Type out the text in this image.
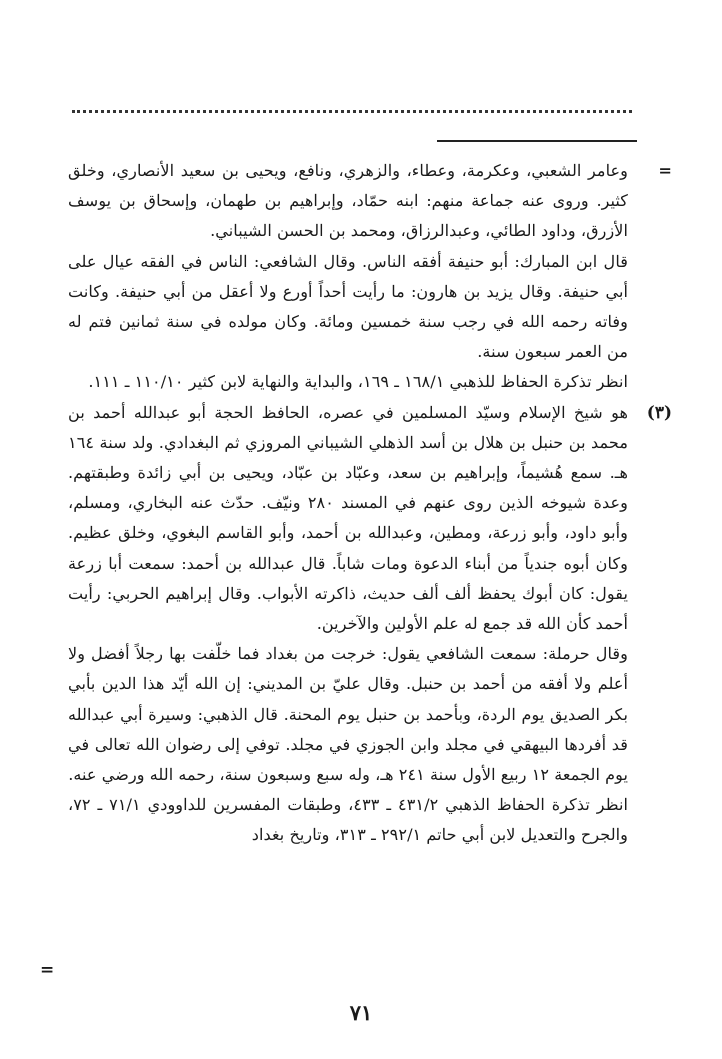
=
وعامر الشعبي، وعكرمة، وعطاء، والزهري، ونافع، ويحيى بن سعيد الأنصاري، وخلق كثير. وروى عنه جماعة منهم: ابنه حمّاد، وإبراهيم بن طهمان، وإسحاق بن يوسف الأزرق، وداود الطائي، وعبدالرزاق، ومحمد بن الحسن الشيباني.
قال ابن المبارك: أبو حنيفة أفقه الناس. وقال الشافعي: الناس في الفقه عيال على أبي حنيفة. وقال يزيد بن هارون: ما رأيت أحداً أورع ولا أعقل من أبي حنيفة. وكانت وفاته رحمه الله في رجب سنة خمسين ومائة. وكان مولده في سنة ثمانين فتم له من العمر سبعون سنة.
انظر تذكرة الحفاظ للذهبي ١٦٨/١ ـ ١٦٩، والبداية والنهاية لابن كثير ١١٠/١٠ ـ ١١١.
(٣)
هو شيخ الإسلام وسيّد المسلمين في عصره، الحافظ الحجة أبو عبدالله أحمد بن محمد بن حنبل بن هلال بن أسد الذهلي الشيباني المروزي ثم البغدادي. ولد سنة ١٦٤ هـ. سمع هُشيماً، وإبراهيم بن سعد، وعبّاد بن عبّاد، ويحيى بن أبي زائدة وطبقتهم. وعدة شيوخه الذين روى عنهم في المسند ٢٨٠ ونيّف. حدّث عنه البخاري، ومسلم، وأبو داود، وأبو زرعة، ومطين، وعبدالله بن أحمد، وأبو القاسم البغوي، وخلق عظيم. وكان أبوه جندياً من أبناء الدعوة ومات شاباً. قال عبدالله بن أحمد: سمعت أبا زرعة يقول: كان أبوك يحفظ ألف ألف حديث، ذاكرته الأبواب. وقال إبراهيم الحربي: رأيت أحمد كأن الله قد جمع له علم الأولين والآخرين.
وقال حرملة: سمعت الشافعي يقول: خرجت من بغداد فما خلّفت بها رجلاً أفضل ولا أعلم ولا أفقه من أحمد بن حنبل. وقال عليّ بن المديني: إن الله أيّد هذا الدين بأبي بكر الصديق يوم الردة، وبأحمد بن حنبل يوم المحنة. قال الذهبي: وسيرة أبي عبدالله قد أفردها البيهقي في مجلد وابن الجوزي في مجلد. توفي إلى رضوان الله تعالى في يوم الجمعة ١٢ ربيع الأول سنة ٢٤١ هـ، وله سبع وسبعون سنة، رحمه الله ورضي عنه.
انظر تذكرة الحفاظ الذهبي ٤٣١/٢ ـ ٤٣٣، وطبقات المفسرين للداوودي ٧١/١ ـ ٧٢، والجرح والتعديل لابن أبي حاتم ٢٩٢/١ ـ ٣١٣، وتاريخ بغداد
=
٧١
